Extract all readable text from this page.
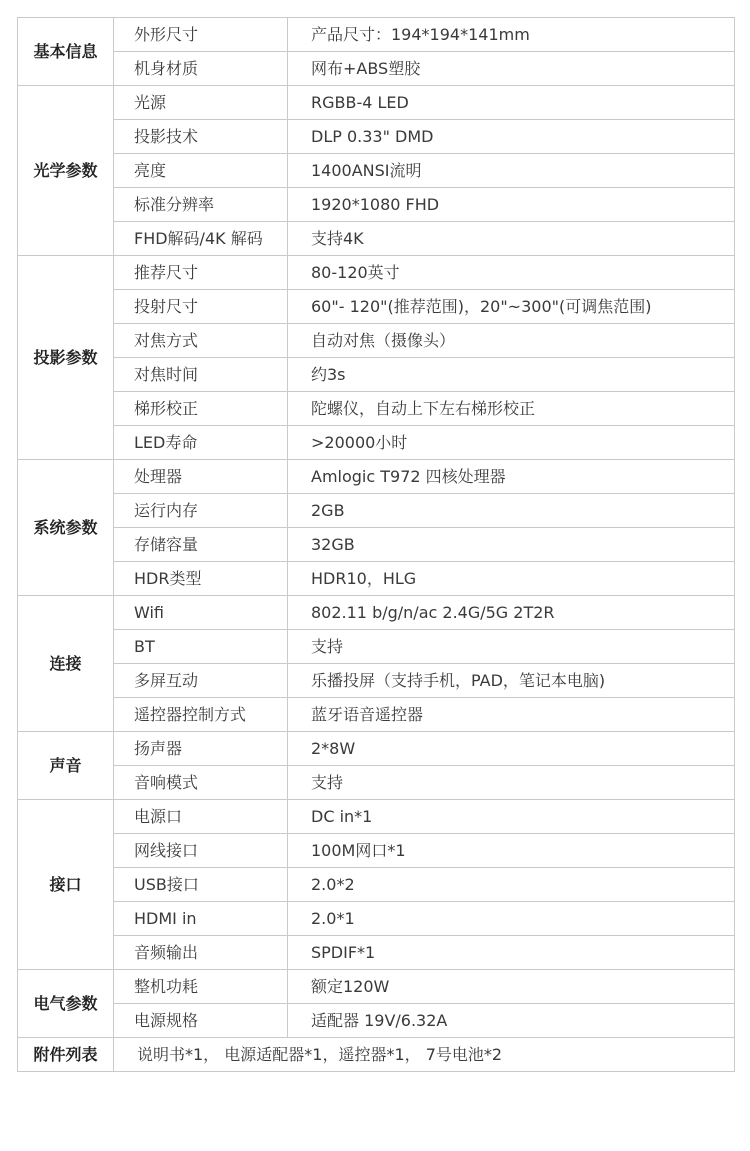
基本信息	外形尺寸	产品尺寸：194*194*141mm
	机身材质	网布+ABS塑胶
光学参数	光源	RGBB-4 LED
	投影技术	DLP 0.33" DMD
	亮度	1400ANSI流明
	标准分辨率	1920*1080 FHD
	FHD解码/4K 解码	支持4K
投影参数	推荐尺寸	80-120英寸
	投射尺寸	60"- 120"(推荐范围)，20"~300"(可调焦范围)
	对焦方式	自动对焦（摄像头）
	对焦时间	约3s
	梯形校正	陀螺仪，自动上下左右梯形校正
	LED寿命	>20000小时
系统参数	处理器	Amlogic T972 四核处理器
	运行内存	2GB
	存储容量	32GB
	HDR类型	HDR10，HLG
连接	Wifi	802.11 b/g/n/ac 2.4G/5G 2T2R
	BT	支持
	多屏互动	乐播投屏（支持手机，PAD，笔记本电脑)
	遥控器控制方式	蓝牙语音遥控器
声音	扬声器	2*8W
	音响模式	支持
接口	电源口	DC in*1
	网线接口	100M网口*1
	USB接口	2.0*2
	HDMI in	2.0*1
	音频输出	SPDIF*1
电气参数	整机功耗	额定120W
	电源规格	适配器 19V/6.32A
附件列表	说明书*1， 电源适配器*1，遥控器*1， 7号电池*2	
